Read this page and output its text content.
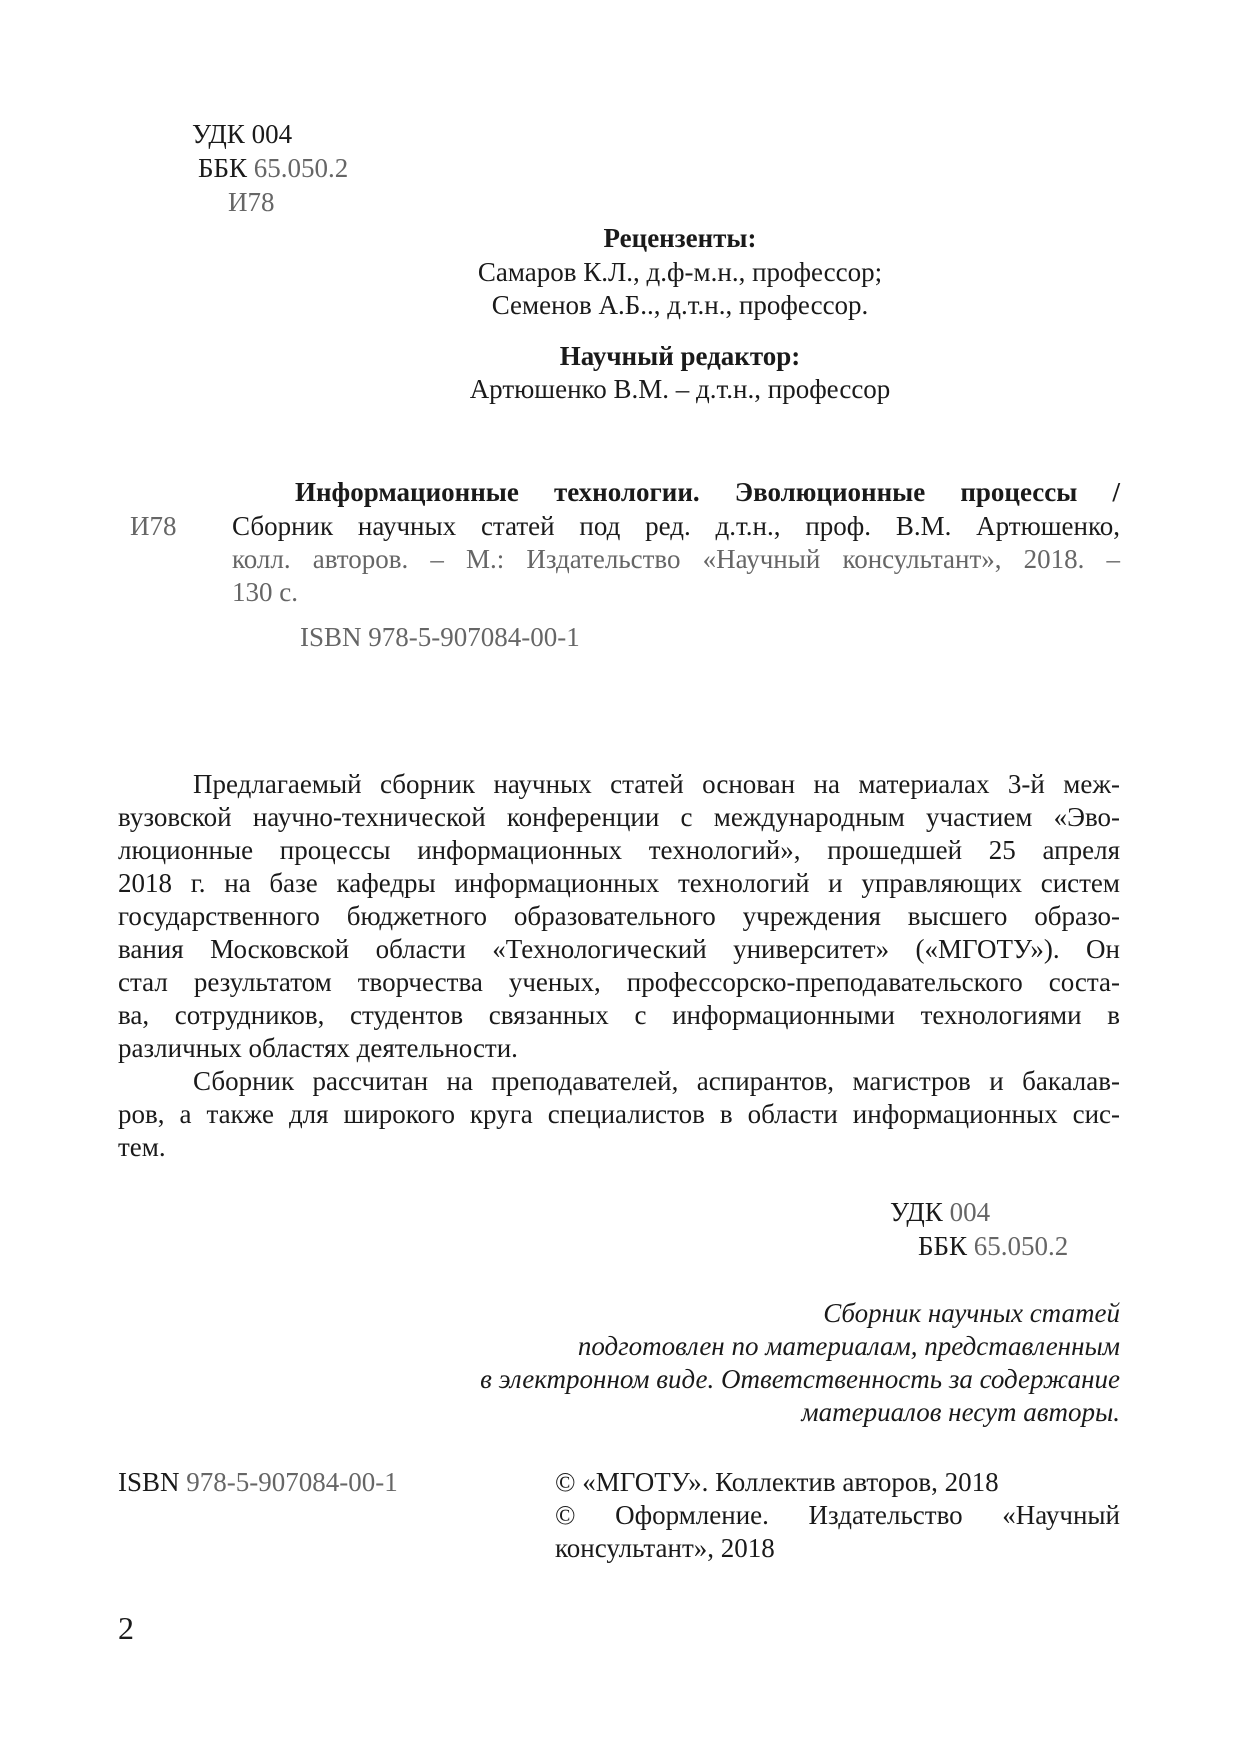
УДК 004
ББК 65.050.2
И78
Рецензенты:
Самаров К.Л., д.ф-м.н., профессор;
Семенов А.Б.., д.т.н., профессор.
Научный редактор:
Артюшенко В.М. – д.т.н., профессор
И78
Информационные технологии. Эволюционные процессы /
Сборник научных статей под ред. д.т.н., проф. В.М. Артюшенко,
колл. авторов. – М.: Издательство «Научный консультант», 2018. –
130 с.
ISBN 978-5-907084-00-1
Предлагаемый сборник научных статей основан на материалах 3-й меж-
вузовской научно-технической конференции с международным участием «Эво-
люционные процессы информационных технологий», прошедшей 25 апреля
2018 г. на базе кафедры информационных технологий и управляющих систем
государственного бюджетного образовательного учреждения высшего образо-
вания Московской области «Технологический университет» («МГОТУ»). Он
стал результатом творчества ученых, профессорско-преподавательского соста-
ва, сотрудников, студентов связанных с информационными технологиями в
различных областях деятельности.
Сборник рассчитан на преподавателей, аспирантов, магистров и бакалав-
ров, а также для широкого круга специалистов в области информационных сис-
тем.
УДК 004
ББК 65.050.2
Сборник научных статей
подготовлен по материалам, представленным
в электронном виде. Ответственность за содержание
материалов несут авторы.
ISBN 978-5-907084-00-1	© «МГОТУ». Коллектив авторов, 2018
© Оформление. Издательство «Научный
консультант», 2018
2
